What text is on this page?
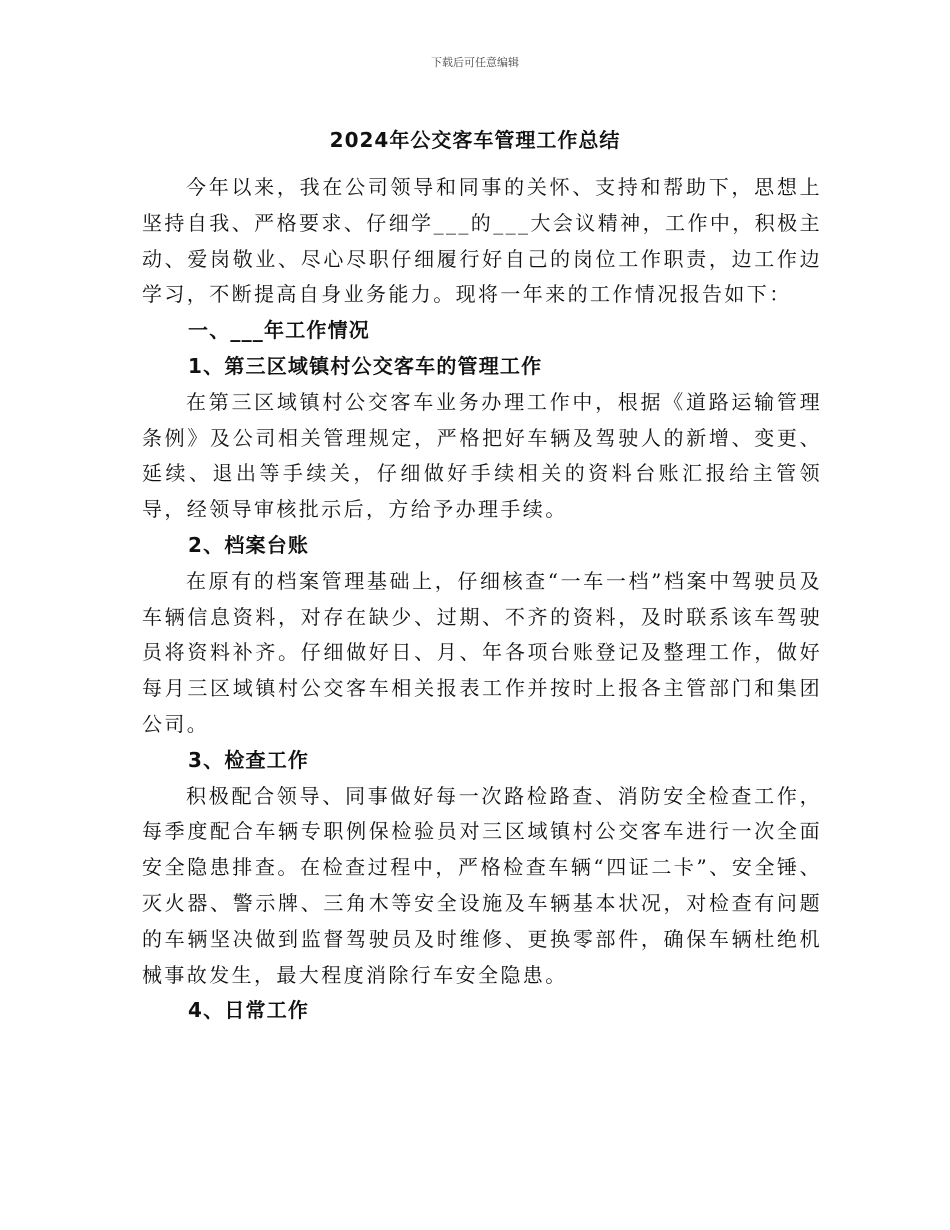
下载后可任意编辑
2024年公交客车管理工作总结

今年以来，我在公司领导和同事的关怀、支持和帮助下，思想上坚持自我、严格要求、仔细学___的___大会议精神，工作中，积极主动、爱岗敬业、尽心尽职仔细履行好自己的岗位工作职责，边工作边学习，不断提高自身业务能力。现将一年来的工作情况报告如下：

一、___年工作情况
1、第三区域镇村公交客车的管理工作

在第三区域镇村公交客车业务办理工作中，根据《道路运输管理条例》及公司相关管理规定，严格把好车辆及驾驶人的新增、变更、延续、退出等手续关，仔细做好手续相关的资料台账汇报给主管领导，经领导审核批示后，方给予办理手续。

2、档案台账

在原有的档案管理基础上，仔细核查“一车一档”档案中驾驶员及车辆信息资料，对存在缺少、过期、不齐的资料，及时联系该车驾驶员将资料补齐。仔细做好日、月、年各项台账登记及整理工作，做好每月三区域镇村公交客车相关报表工作并按时上报各主管部门和集团公司。

3、检查工作

积极配合领导、同事做好每一次路检路查、消防安全检查工作，每季度配合车辆专职例保检验员对三区域镇村公交客车进行一次全面安全隐患排查。在检查过程中，严格检查车辆“四证二卡”、安全锤、灭火器、警示牌、三角木等安全设施及车辆基本状况，对检查有问题的车辆坚决做到监督驾驶员及时维修、更换零部件，确保车辆杜绝机械事故发生，最大程度消除行车安全隐患。

4、日常工作
